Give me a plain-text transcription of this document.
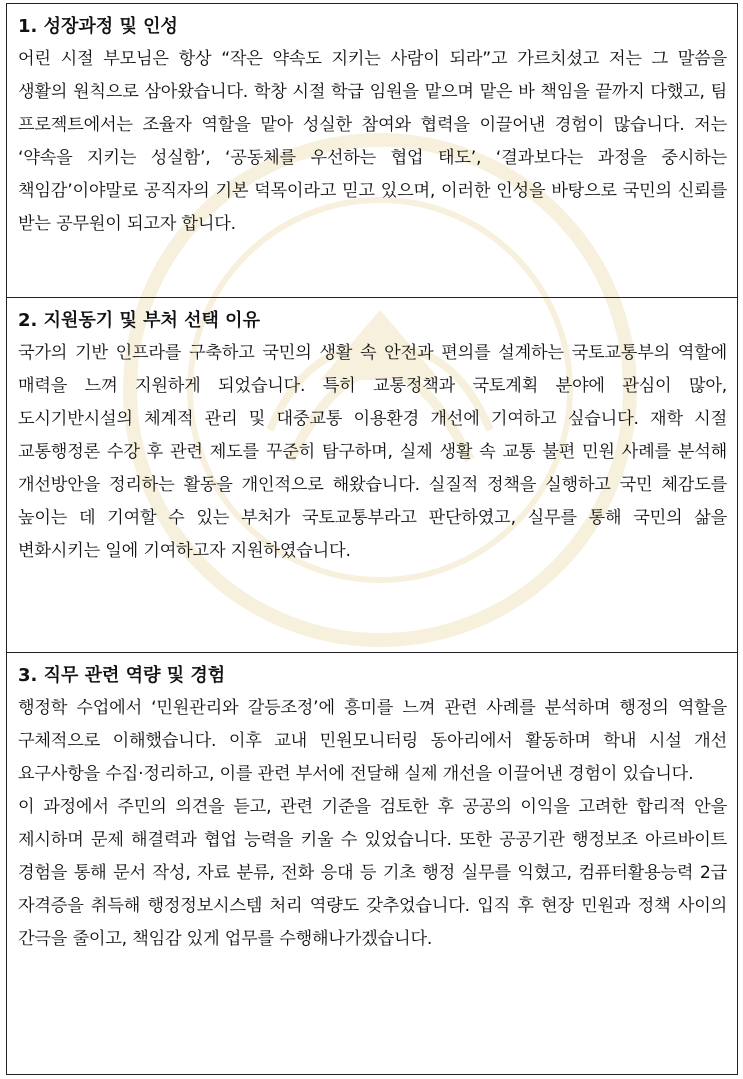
1. 성장과정 및 인성

어린 시절 부모님은 항상 “작은 약속도 지키는 사람이 되라”고 가르치셨고 저는 그 말씀을 생활의 원칙으로 삼아왔습니다. 학창 시절 학급 임원을 맡으며 맡은 바 책임을 끝까지 다했고, 팀 프로젝트에서는 조율자 역할을 맡아 성실한 참여와 협력을 이끌어낸 경험이 많습니다. 저는 ‘약속을 지키는 성실함’, ‘공동체를 우선하는 협업 태도’, ‘결과보다는 과정을 중시하는 책임감’이야말로 공직자의 기본 덕목이라고 믿고 있으며, 이러한 인성을 바탕으로 국민의 신뢰를 받는 공무원이 되고자 합니다.

2. 지원동기 및 부처 선택 이유

국가의 기반 인프라를 구축하고 국민의 생활 속 안전과 편의를 설계하는 국토교통부의 역할에 매력을 느껴 지원하게 되었습니다. 특히 교통정책과 국토계획 분야에 관심이 많아, 도시기반시설의 체계적 관리 및 대중교통 이용환경 개선에 기여하고 싶습니다. 재학 시절 교통행정론 수강 후 관련 제도를 꾸준히 탐구하며, 실제 생활 속 교통 불편 민원 사례를 분석해 개선방안을 정리하는 활동을 개인적으로 해왔습니다. 실질적 정책을 실행하고 국민 체감도를 높이는 데 기여할 수 있는 부처가 국토교통부라고 판단하였고, 실무를 통해 국민의 삶을 변화시키는 일에 기여하고자 지원하였습니다.

3. 직무 관련 역량 및 경험

행정학 수업에서 ‘민원관리와 갈등조정’에 흥미를 느껴 관련 사례를 분석하며 행정의 역할을 구체적으로 이해했습니다. 이후 교내 민원모니터링 동아리에서 활동하며 학내 시설 개선 요구사항을 수집·정리하고, 이를 관련 부서에 전달해 실제 개선을 이끌어낸 경험이 있습니다.

이 과정에서 주민의 의견을 듣고, 관련 기준을 검토한 후 공공의 이익을 고려한 합리적 안을 제시하며 문제 해결력과 협업 능력을 키울 수 있었습니다. 또한 공공기관 행정보조 아르바이트 경험을 통해 문서 작성, 자료 분류, 전화 응대 등 기초 행정 실무를 익혔고, 컴퓨터활용능력 2급 자격증을 취득해 행정정보시스템 처리 역량도 갖추었습니다. 입직 후 현장 민원과 정책 사이의 간극을 줄이고, 책임감 있게 업무를 수행해나가겠습니다.
